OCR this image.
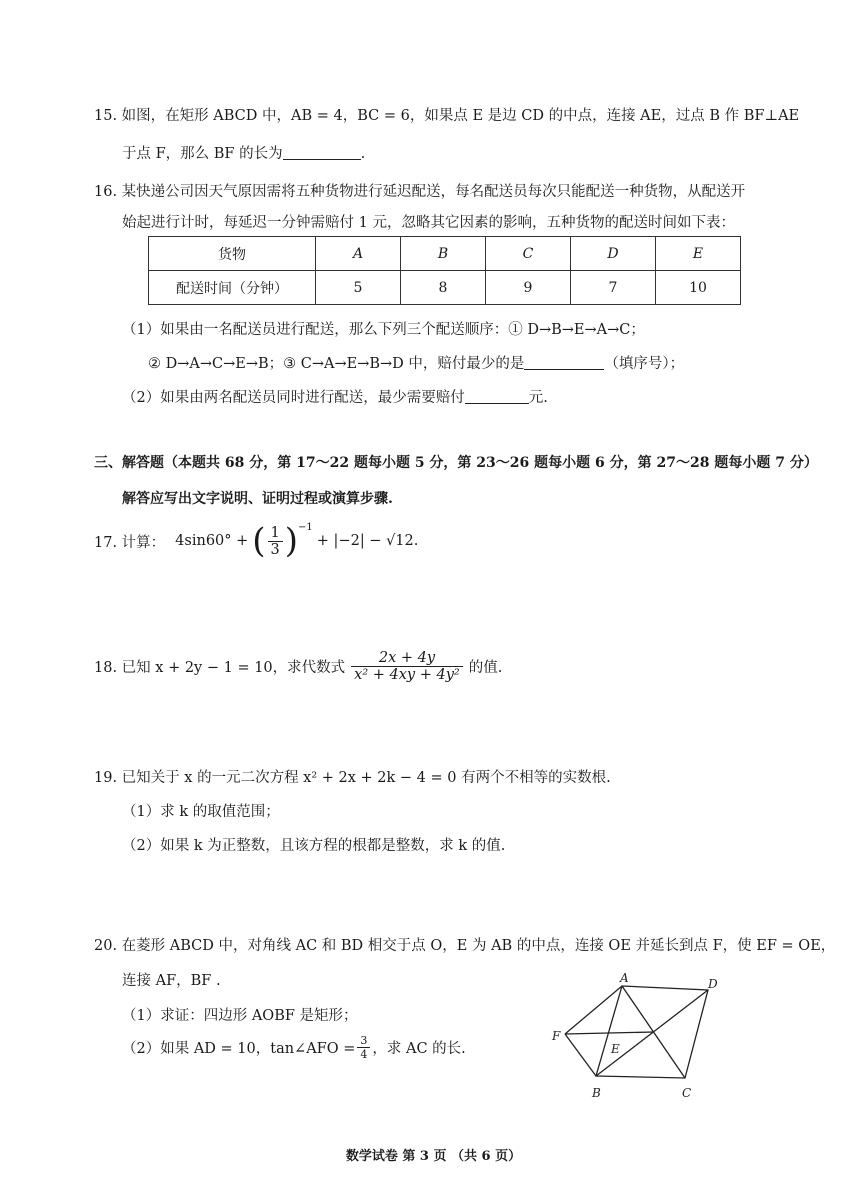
15. 如图，在矩形 ABCD 中，AB = 4，BC = 6，如果点 E 是边 CD 的中点，连接 AE，过点 B 作 BF⊥AE
于点 F，那么 BF 的长为	.
16. 某快递公司因天气原因需将五种货物进行延迟配送，每名配送员每次只能配送一种货物，从配送开
始起进行计时，每延迟一分钟需赔付 1 元，忽略其它因素的影响，五种货物的配送时间如下表：
货物	A	B	C	D	E
配送时间（分钟）	5	8	9	7	10
（1）如果由一名配送员进行配送，那么下列三个配送顺序：① D→B→E→A→C；
② D→A→C→E→B；③ C→A→E→B→D 中，赔付最少的是	（填序号）；
（2）如果由两名配送员同时进行配送，最少需要赔付	元.
三、解答题（本题共 68 分，第 17～22 题每小题 5 分，第 23～26 题每小题 6 分，第 27～28 题每小题 7 分）
解答应写出文字说明、证明过程或演算步骤.
17. 计算： 4sin60° + ( $\frac{1}{3}$ ) −1
+ |−2| − √12.
18. 已知 x + 2y − 1 = 10，求代数式 $\frac{2x + 4y}{\text{x² + 4xy + 4y²}}$ 的值.
19. 已知关于 x 的一元二次方程 x² + 2x + 2k − 4 = 0 有两个不相等的实数根.
（1）求 k 的取值范围；
（2）如果 k 为正整数，且该方程的根都是整数，求 k 的值.
20. 在菱形 ABCD 中，对角线 AC 和 BD 相交于点 O，E 为 AB 的中点，连接 OE 并延长到点 F，使 EF = OE，
连接 AF，BF .
（1）求证：四边形 AOBF 是矩形；
（2）如果 AD = 10，tan∠AFO = $\frac{3}{4}$ ，求 AC 的长.
A	D
F
E
B	C
数学试卷 第 3 页 （共 6 页）
